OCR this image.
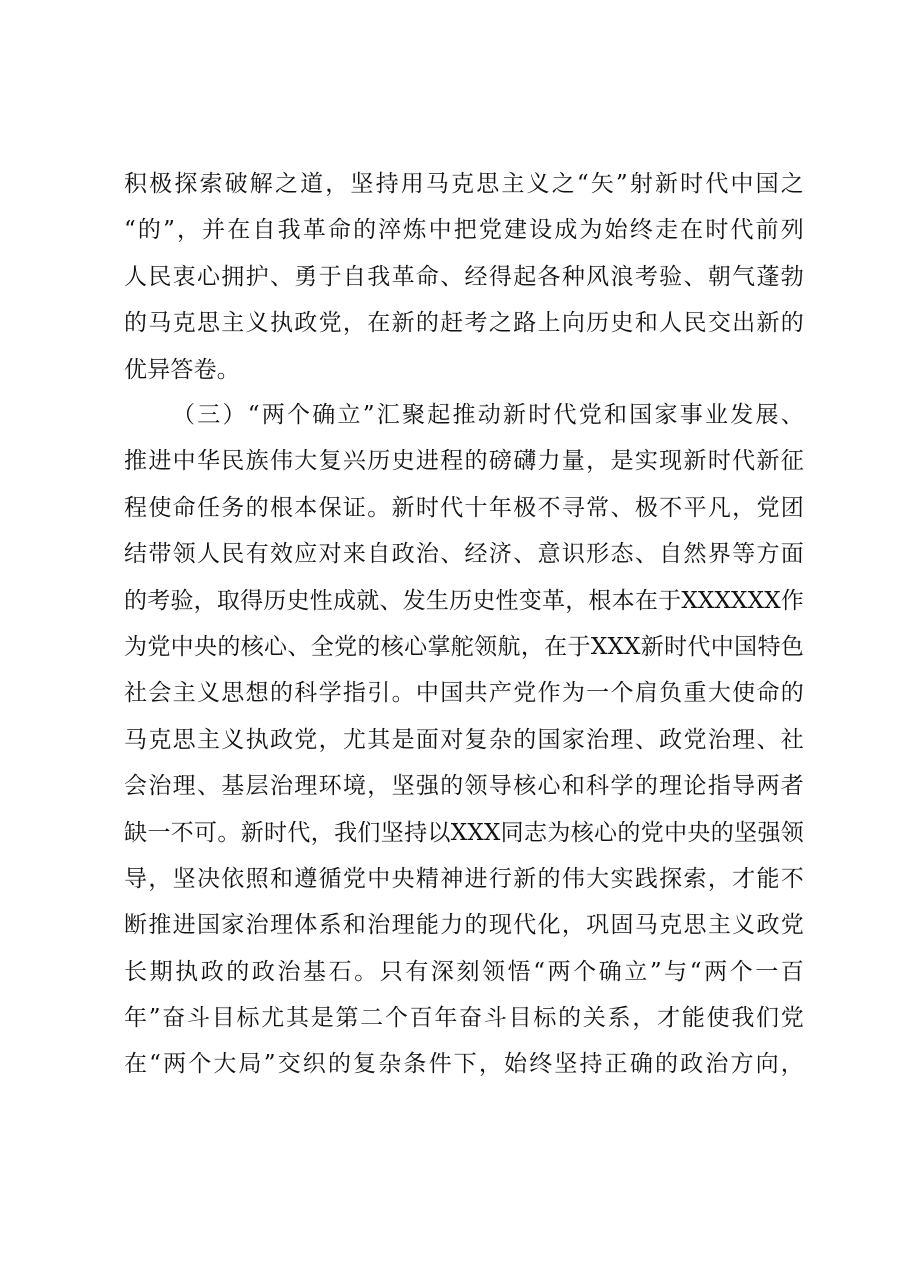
积极探索破解之道，坚持用马克思主义之“矢”射新时代中国之
“的”，并在自我革命的淬炼中把党建设成为始终走在时代前列
人民衷心拥护、勇于自我革命、经得起各种风浪考验、朝气蓬勃
的马克思主义执政党，在新的赶考之路上向历史和人民交出新的
优异答卷。
（三）“两个确立”汇聚起推动新时代党和国家事业发展、
推进中华民族伟大复兴历史进程的磅礴力量，是实现新时代新征
程使命任务的根本保证。新时代十年极不寻常、极不平凡，党团
结带领人民有效应对来自政治、经济、意识形态、自然界等方面
的考验，取得历史性成就、发生历史性变革，根本在于XXXXXX作
为党中央的核心、全党的核心掌舵领航，在于XXX新时代中国特色
社会主义思想的科学指引。中国共产党作为一个肩负重大使命的
马克思主义执政党，尤其是面对复杂的国家治理、政党治理、社
会治理、基层治理环境，坚强的领导核心和科学的理论指导两者
缺一不可。新时代，我们坚持以XXX同志为核心的党中央的坚强领
导，坚决依照和遵循党中央精神进行新的伟大实践探索，才能不
断推进国家治理体系和治理能力的现代化，巩固马克思主义政党
长期执政的政治基石。只有深刻领悟“两个确立”与“两个一百
年”奋斗目标尤其是第二个百年奋斗目标的关系，才能使我们党
在“两个大局”交织的复杂条件下，始终坚持正确的政治方向，
